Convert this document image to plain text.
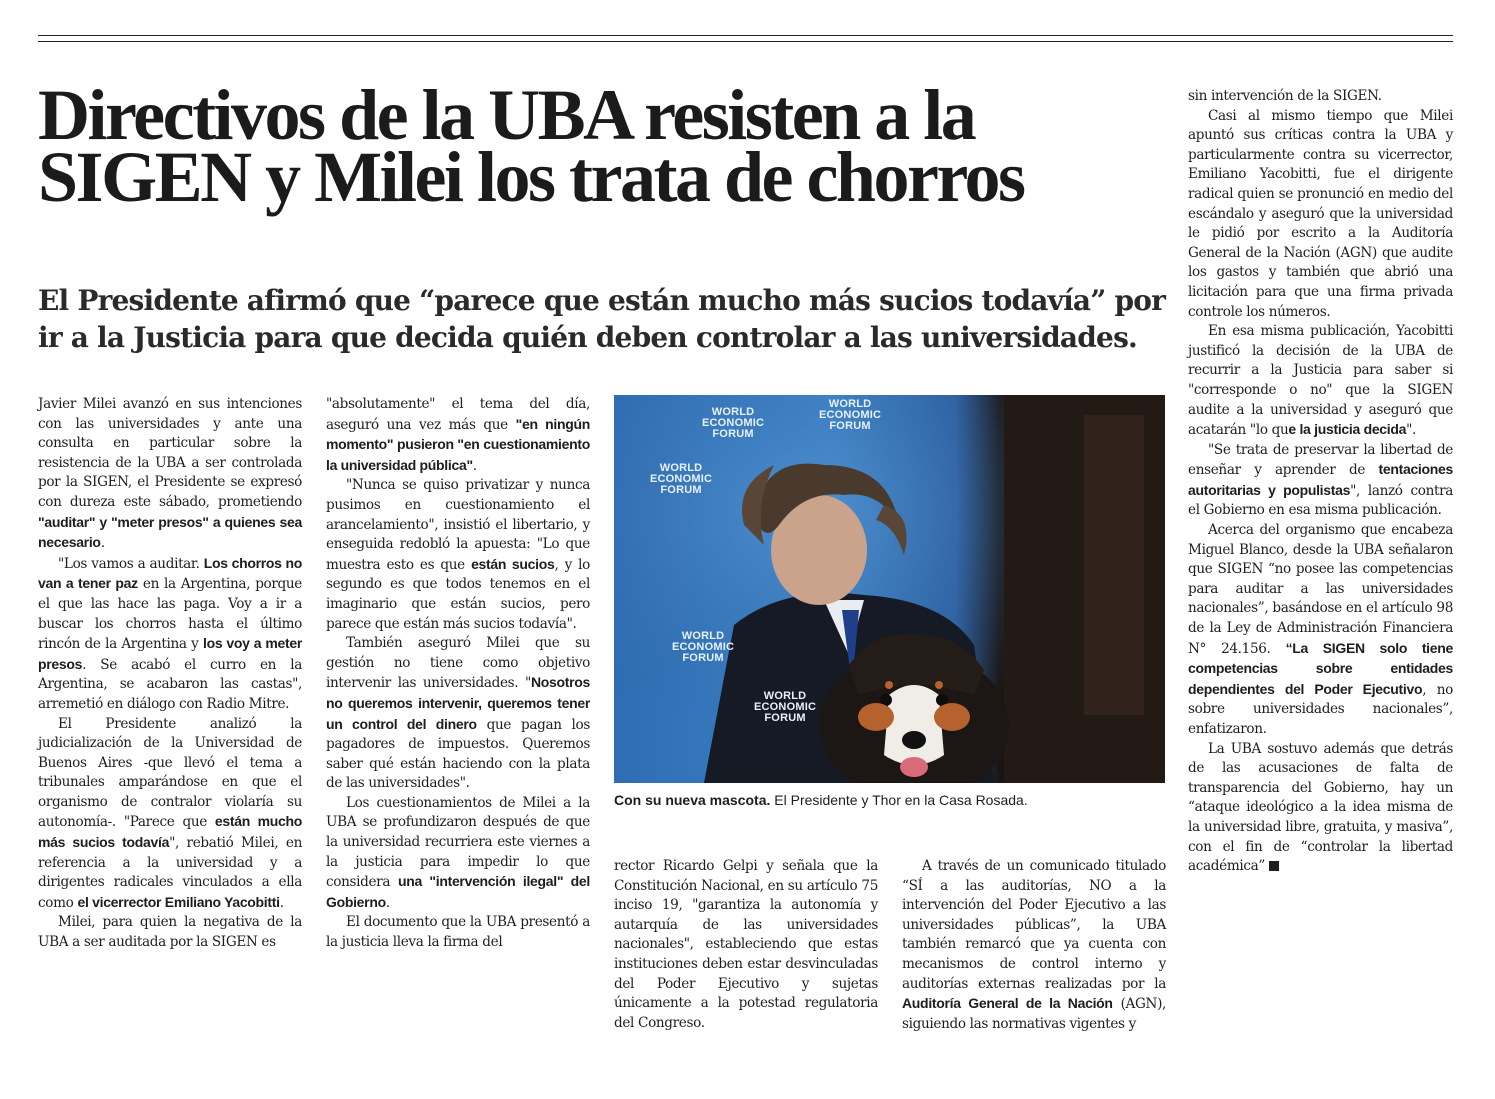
Directivos de la UBA resisten a la
SIGEN y Milei los trata de chorros
El Presidente afirmó que “parece que están mucho más sucios todavía” por
ir a la Justicia para que decida quién deben controlar a las universidades.

Javier Milei avanzó en sus intenciones con las universidades y ante una consulta en particular sobre la resistencia de la UBA a ser controlada por la SIGEN, el Presidente se expresó con dureza este sábado, prometiendo "auditar" y "meter presos" a quienes sea necesario.

"Los vamos a auditar. Los chorros no van a tener paz en la Argentina, porque el que las hace las paga. Voy a ir a buscar los chorros hasta el último rincón de la Argentina y los voy a meter presos. Se acabó el curro en la Argentina, se acabaron las castas", arremetió en diálogo con Radio Mitre.

El Presidente analizó la judicialización de la Universidad de Buenos Aires -que llevó el tema a tribunales amparándose en que el organismo de contralor violaría su autonomía-. "Parece que están mucho más sucios todavía", rebatió Milei, en referencia a la universidad y a dirigentes radicales vinculados a ella como el vicerrector Emiliano Yacobitti.

Milei, para quien la negativa de la UBA a ser auditada por la SIGEN es

"absolutamente" el tema del día, aseguró una vez más que "en ningún momento" pusieron "en cuestionamiento la universidad pública".

"Nunca se quiso privatizar y nunca pusimos en cuestionamiento el arancelamiento", insistió el libertario, y enseguida redobló la apuesta: "Lo que muestra esto es que están sucios, y lo segundo es que todos tenemos en el imaginario que están sucios, pero parece que están más sucios todavía".

También aseguró Milei que su gestión no tiene como objetivo intervenir las universidades. "Nosotros no queremos intervenir, queremos tener un control del dinero que pagan los pagadores de impuestos. Queremos saber qué están haciendo con la plata de las universidades".

Los cuestionamientos de Milei a la UBA se profundizaron después de que la universidad recurriera este viernes a la justicia para impedir lo que considera una "intervención ilegal" del Gobierno.

El documento que la UBA presentó a la justicia lleva la firma del

WORLD
ECONOMIC
FORUM
WORLD
ECONOMIC
FORUM
WORLD
ECONOMIC
FORUM
WORLD
ECONOMIC
FORUM
WORLD
ECONOMIC
FORUM
Con su nueva mascota. El Presidente y Thor en la Casa Rosada.

rector Ricardo Gelpi y señala que la Constitución Nacional, en su artículo 75 inciso 19, "garantiza la autonomía y autarquía de las universidades nacionales", estableciendo que estas instituciones deben estar desvinculadas del Poder Ejecutivo y sujetas únicamente a la potestad regulatoria del Congreso.

A través de un comunicado titulado “SÍ a las auditorías, NO a la intervención del Poder Ejecutivo a las universidades públicas”, la UBA también remarcó que ya cuenta con mecanismos de control interno y auditorías externas realizadas por la Auditoría General de la Nación (AGN), siguiendo las normativas vigentes y

sin intervención de la SIGEN.

Casi al mismo tiempo que Milei apuntó sus críticas contra la UBA y particularmente contra su vicerrector, Emiliano Yacobitti, fue el dirigente radical quien se pronunció en medio del escándalo y aseguró que la universidad le pidió por escrito a la Auditoría General de la Nación (AGN) que audite los gastos y también que abrió una licitación para que una firma privada controle los números.

En esa misma publicación, Yacobitti justificó la decisión de la UBA de recurrir a la Justicia para saber si "corresponde o no" que la SIGEN audite a la universidad y aseguró que acatarán "lo que la justicia decida".

"Se trata de preservar la libertad de enseñar y aprender de tentaciones autoritarias y populistas", lanzó contra el Gobierno en esa misma publicación.

Acerca del organismo que encabeza Miguel Blanco, desde la UBA señalaron que SIGEN “no posee las competencias para auditar a las universidades nacionales”, basándose en el artículo 98 de la Ley de Administración Financiera N° 24.156. “La SIGEN solo tiene competencias sobre entidades dependientes del Poder Ejecutivo, no sobre universidades nacionales”, enfatizaron.

La UBA sostuvo además que detrás de las acusaciones de falta de transparencia del Gobierno, hay un “ataque ideológico a la idea misma de la universidad libre, gratuita, y masiva”, con el fin de “controlar la libertad académica”
